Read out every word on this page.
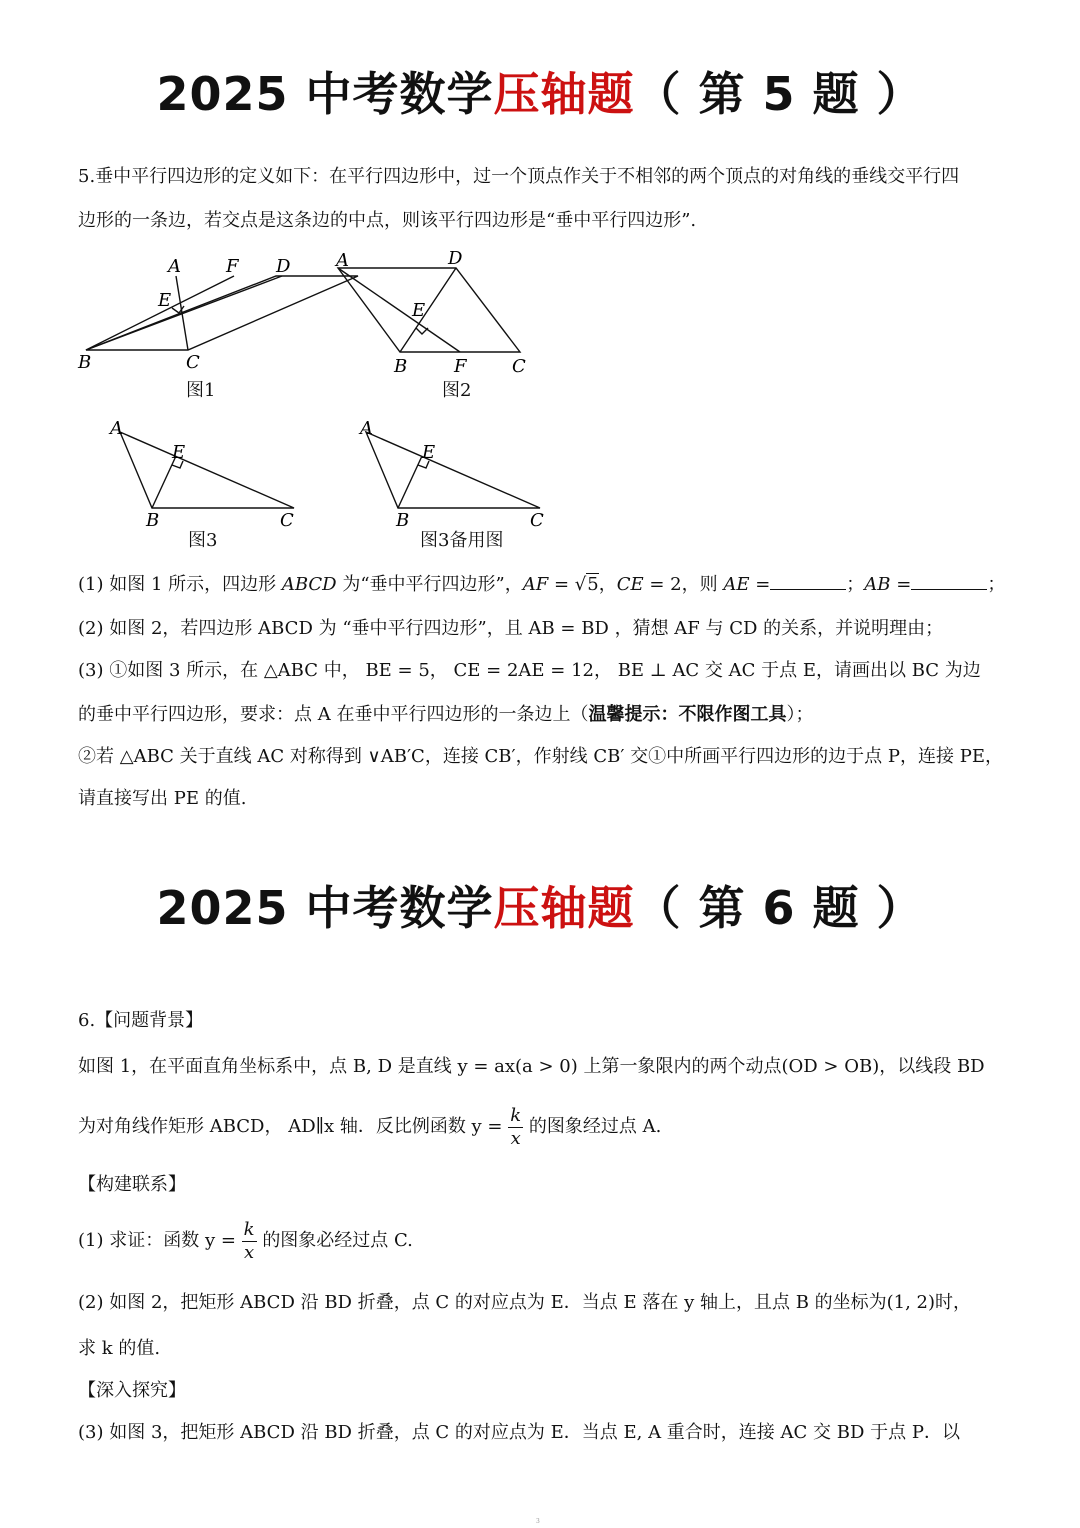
2025 中考数学压轴题（ 第 5 题 ）
5.垂中平行四边形的定义如下：在平行四边形中，过一个顶点作关于不相邻的两个顶点的对角线的垂线交平行四
边形的一条边，若交点是这条边的中点，则该平行四边形是“垂中平行四边形”.
A	F D
E
B	C
图1
A	D
E
B	F	C
图2
A
E
B	C
图3
A
E
B	C
图3备用图
(1) 如图 1 所示，四边形 ABCD 为“垂中平行四边形”，AF = √5，CE = 2，则 AE =	；AB =	；
(2) 如图 2，若四边形 ABCD 为 “垂中平行四边形”，且 AB = BD ，猜想 AF 与 CD 的关系，并说明理由；
(3) ①如图 3 所示，在 △ABC 中， BE = 5， CE = 2AE = 12， BE ⊥ AC 交 AC 于点 E，请画出以 BC 为边
的垂中平行四边形，要求：点 A 在垂中平行四边形的一条边上（温馨提示：不限作图工具）；
②若 △ABC 关于直线 AC 对称得到 ∨AB′C，连接 CB′，作射线 CB′ 交①中所画平行四边形的边于点 P，连接 PE，
请直接写出 PE 的值.
2025 中考数学压轴题（ 第 6 题 ）
6.【问题背景】
如图 1，在平面直角坐标系中，点 B, D 是直线 y = ax(a > 0) 上第一象限内的两个动点(OD > OB)，以线段 BD
为对角线作矩形 ABCD， AD∥x 轴．反比例函数 $y = \frac{k}{x}$ 的图象经过点 A.
【构建联系】
(1) 求证：函数 $y = \frac{k}{x}$ 的图象必经过点 C.
(2) 如图 2，把矩形 ABCD 沿 BD 折叠，点 C 的对应点为 E．当点 E 落在 y 轴上，且点 B 的坐标为(1, 2)时，
求 k 的值.
【深入探究】
(3) 如图 3，把矩形 ABCD 沿 BD 折叠，点 C 的对应点为 E．当点 E, A 重合时，连接 AC 交 BD 于点 P．以
3
